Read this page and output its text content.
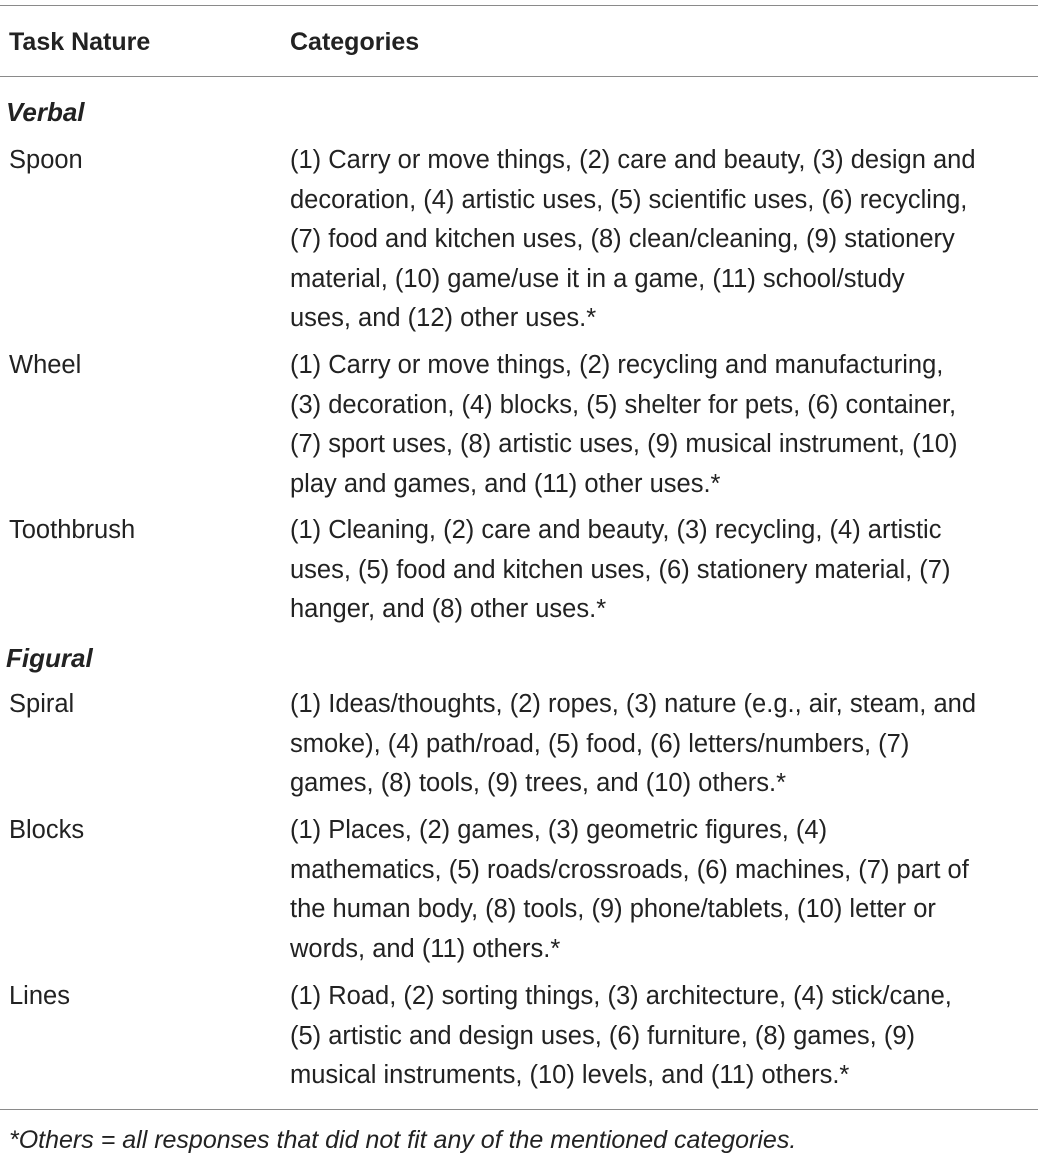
Task Nature	Categories
Verbal
Spoon	(1) Carry or move things, (2) care and beauty, (3) design and
decoration, (4) artistic uses, (5) scientific uses, (6) recycling,
(7) food and kitchen uses, (8) clean/cleaning, (9) stationery
material, (10) game/use it in a game, (11) school/study
uses, and (12) other uses.*
Wheel	(1) Carry or move things, (2) recycling and manufacturing,
(3) decoration, (4) blocks, (5) shelter for pets, (6) container,
(7) sport uses, (8) artistic uses, (9) musical instrument, (10)
play and games, and (11) other uses.*
Toothbrush	(1) Cleaning, (2) care and beauty, (3) recycling, (4) artistic
uses, (5) food and kitchen uses, (6) stationery material, (7)
hanger, and (8) other uses.*
Figural
Spiral	(1) Ideas/thoughts, (2) ropes, (3) nature (e.g., air, steam, and
smoke), (4) path/road, (5) food, (6) letters/numbers, (7)
games, (8) tools, (9) trees, and (10) others.*
Blocks	(1) Places, (2) games, (3) geometric figures, (4)
mathematics, (5) roads/crossroads, (6) machines, (7) part of
the human body, (8) tools, (9) phone/tablets, (10) letter or
words, and (11) others.*
Lines	(1) Road, (2) sorting things, (3) architecture, (4) stick/cane,
(5) artistic and design uses, (6) furniture, (8) games, (9)
musical instruments, (10) levels, and (11) others.*
*Others = all responses that did not fit any of the mentioned categories.
